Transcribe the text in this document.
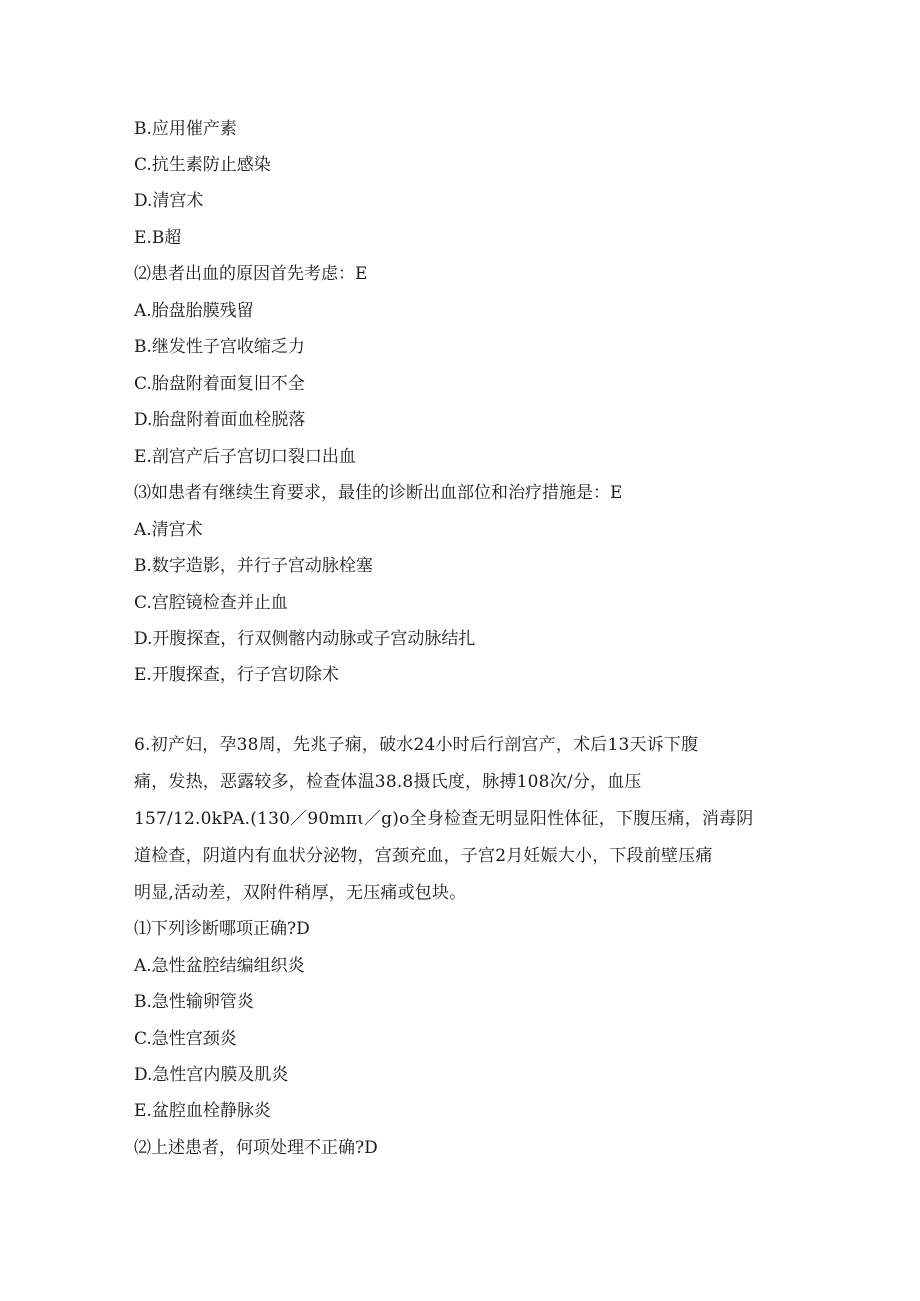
B.应用催产素
C.抗生素防止感染
D.清宫术
E.B超
⑵患者出血的原因首先考虑：E
A.胎盘胎膜残留
B.继发性子宫收缩乏力
C.胎盘附着面复旧不全
D.胎盘附着面血栓脱落
E.剖宫产后子宫切口裂口出血
⑶如患者有继续生育要求，最佳的诊断出血部位和治疗措施是：E
A.清宫术
B.数字造影，并行子宫动脉栓塞
C.宫腔镜检查并止血
D.开腹探查，行双侧髂内动脉或子宫动脉结扎
E.开腹探查，行子宫切除术
6.初产妇，孕38周，先兆子痫，破水24小时后行剖宫产，术后13天诉下腹
痛，发热，恶露较多，检查体温38.8摄氏度，脉搏108次/分，血压
157/12.0kPA.(130／90mπι／g)o全身检查无明显阳性体征，下腹压痛，消毒阴
道检查，阴道内有血状分泌物，宫颈充血，子宫2月妊娠大小，下段前壁压痛
明显,活动差，双附件稍厚，无压痛或包块。
⑴下列诊断哪项正确?D
A.急性盆腔结编组织炎
B.急性输卵管炎
C.急性宫颈炎
D.急性宫内膜及肌炎
E.盆腔血栓静脉炎
⑵上述患者，何项处理不正确?D
